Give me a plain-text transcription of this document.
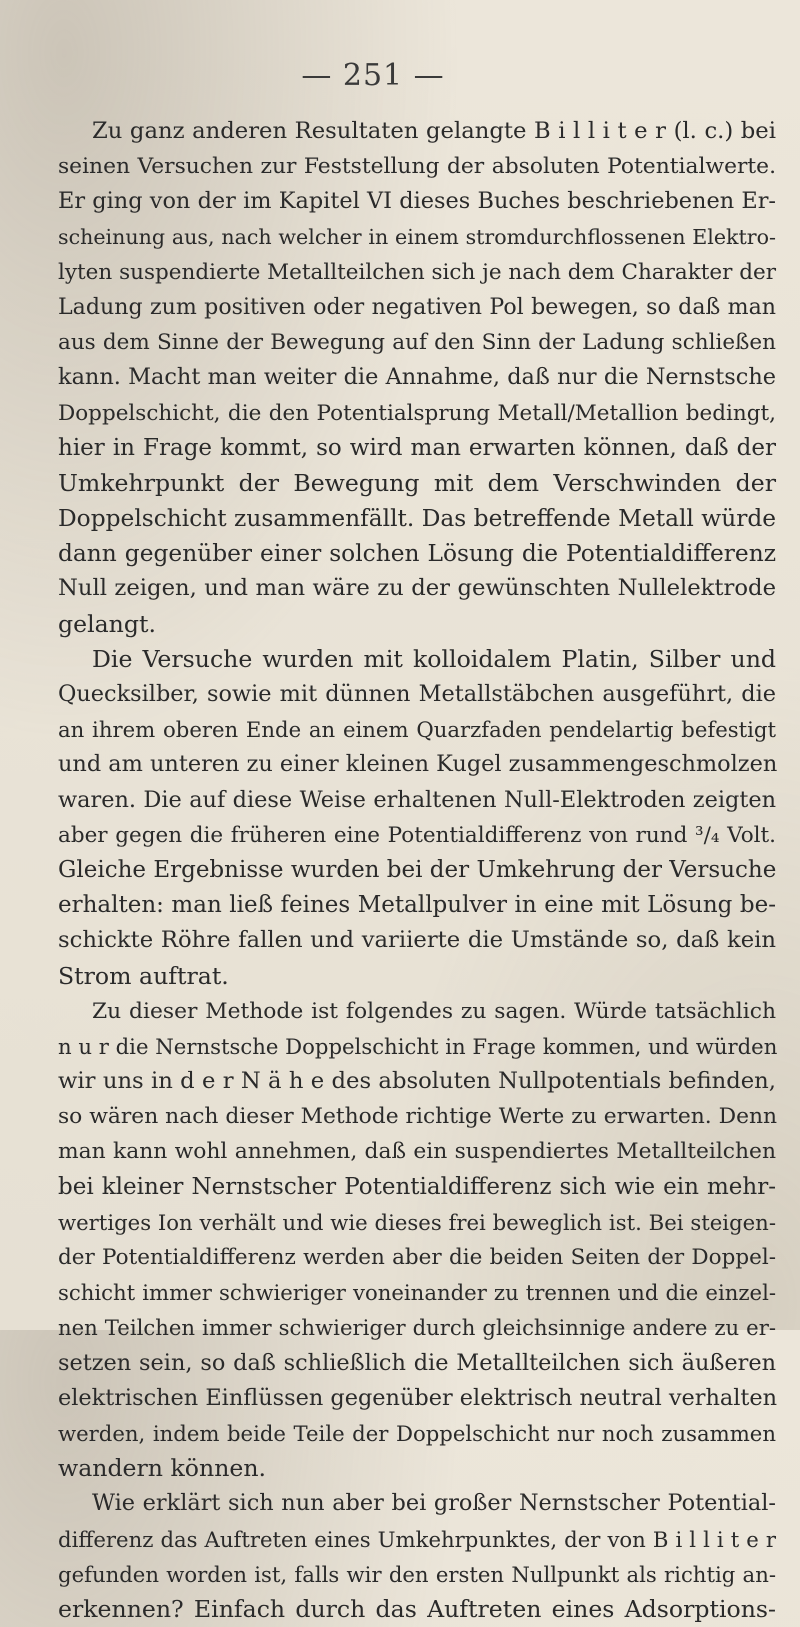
— 251 —
Zu ganz anderen Resultaten gelangte B i l l i t e r (l. c.) bei
seinen Versuchen zur Feststellung der absoluten Potentialwerte.
Er ging von der im Kapitel VI dieses Buches beschriebenen Er-
scheinung aus, nach welcher in einem stromdurchflossenen Elektro-
lyten suspendierte Metallteilchen sich je nach dem Charakter der
Ladung zum positiven oder negativen Pol bewegen, so daß man
aus dem Sinne der Bewegung auf den Sinn der Ladung schließen
kann. Macht man weiter die Annahme, daß nur die Nernstsche
Doppelschicht, die den Potentialsprung Metall/Metallion bedingt,
hier in Frage kommt, so wird man erwarten können, daß der
Umkehrpunkt der Bewegung mit dem Verschwinden der
Doppelschicht zusammenfällt. Das betreffende Metall würde
dann gegenüber einer solchen Lösung die Potentialdifferenz
Null zeigen, und man wäre zu der gewünschten Nullelektrode
gelangt.
Die Versuche wurden mit kolloidalem Platin, Silber und
Quecksilber, sowie mit dünnen Metallstäbchen ausgeführt, die
an ihrem oberen Ende an einem Quarzfaden pendelartig befestigt
und am unteren zu einer kleinen Kugel zusammengeschmolzen
waren. Die auf diese Weise erhaltenen Null-Elektroden zeigten
aber gegen die früheren eine Potentialdifferenz von rund ³/₄ Volt.
Gleiche Ergebnisse wurden bei der Umkehrung der Versuche
erhalten: man ließ feines Metallpulver in eine mit Lösung be-
schickte Röhre fallen und variierte die Umstände so, daß kein
Strom auftrat.
Zu dieser Methode ist folgendes zu sagen. Würde tatsächlich
n u r die Nernstsche Doppelschicht in Frage kommen, und würden
wir uns in d e r N ä h e des absoluten Nullpotentials befinden,
so wären nach dieser Methode richtige Werte zu erwarten. Denn
man kann wohl annehmen, daß ein suspendiertes Metallteilchen
bei kleiner Nernstscher Potentialdifferenz sich wie ein mehr-
wertiges Ion verhält und wie dieses frei beweglich ist. Bei steigen-
der Potentialdifferenz werden aber die beiden Seiten der Doppel-
schicht immer schwieriger voneinander zu trennen und die einzel-
nen Teilchen immer schwieriger durch gleichsinnige andere zu er-
setzen sein, so daß schließlich die Metallteilchen sich äußeren
elektrischen Einflüssen gegenüber elektrisch neutral verhalten
werden, indem beide Teile der Doppelschicht nur noch zusammen
wandern können.
Wie erklärt sich nun aber bei großer Nernstscher Potential-
differenz das Auftreten eines Umkehrpunktes, der von B i l l i t e r
gefunden worden ist, falls wir den ersten Nullpunkt als richtig an-
erkennen? Einfach durch das Auftreten eines Adsorptions-
